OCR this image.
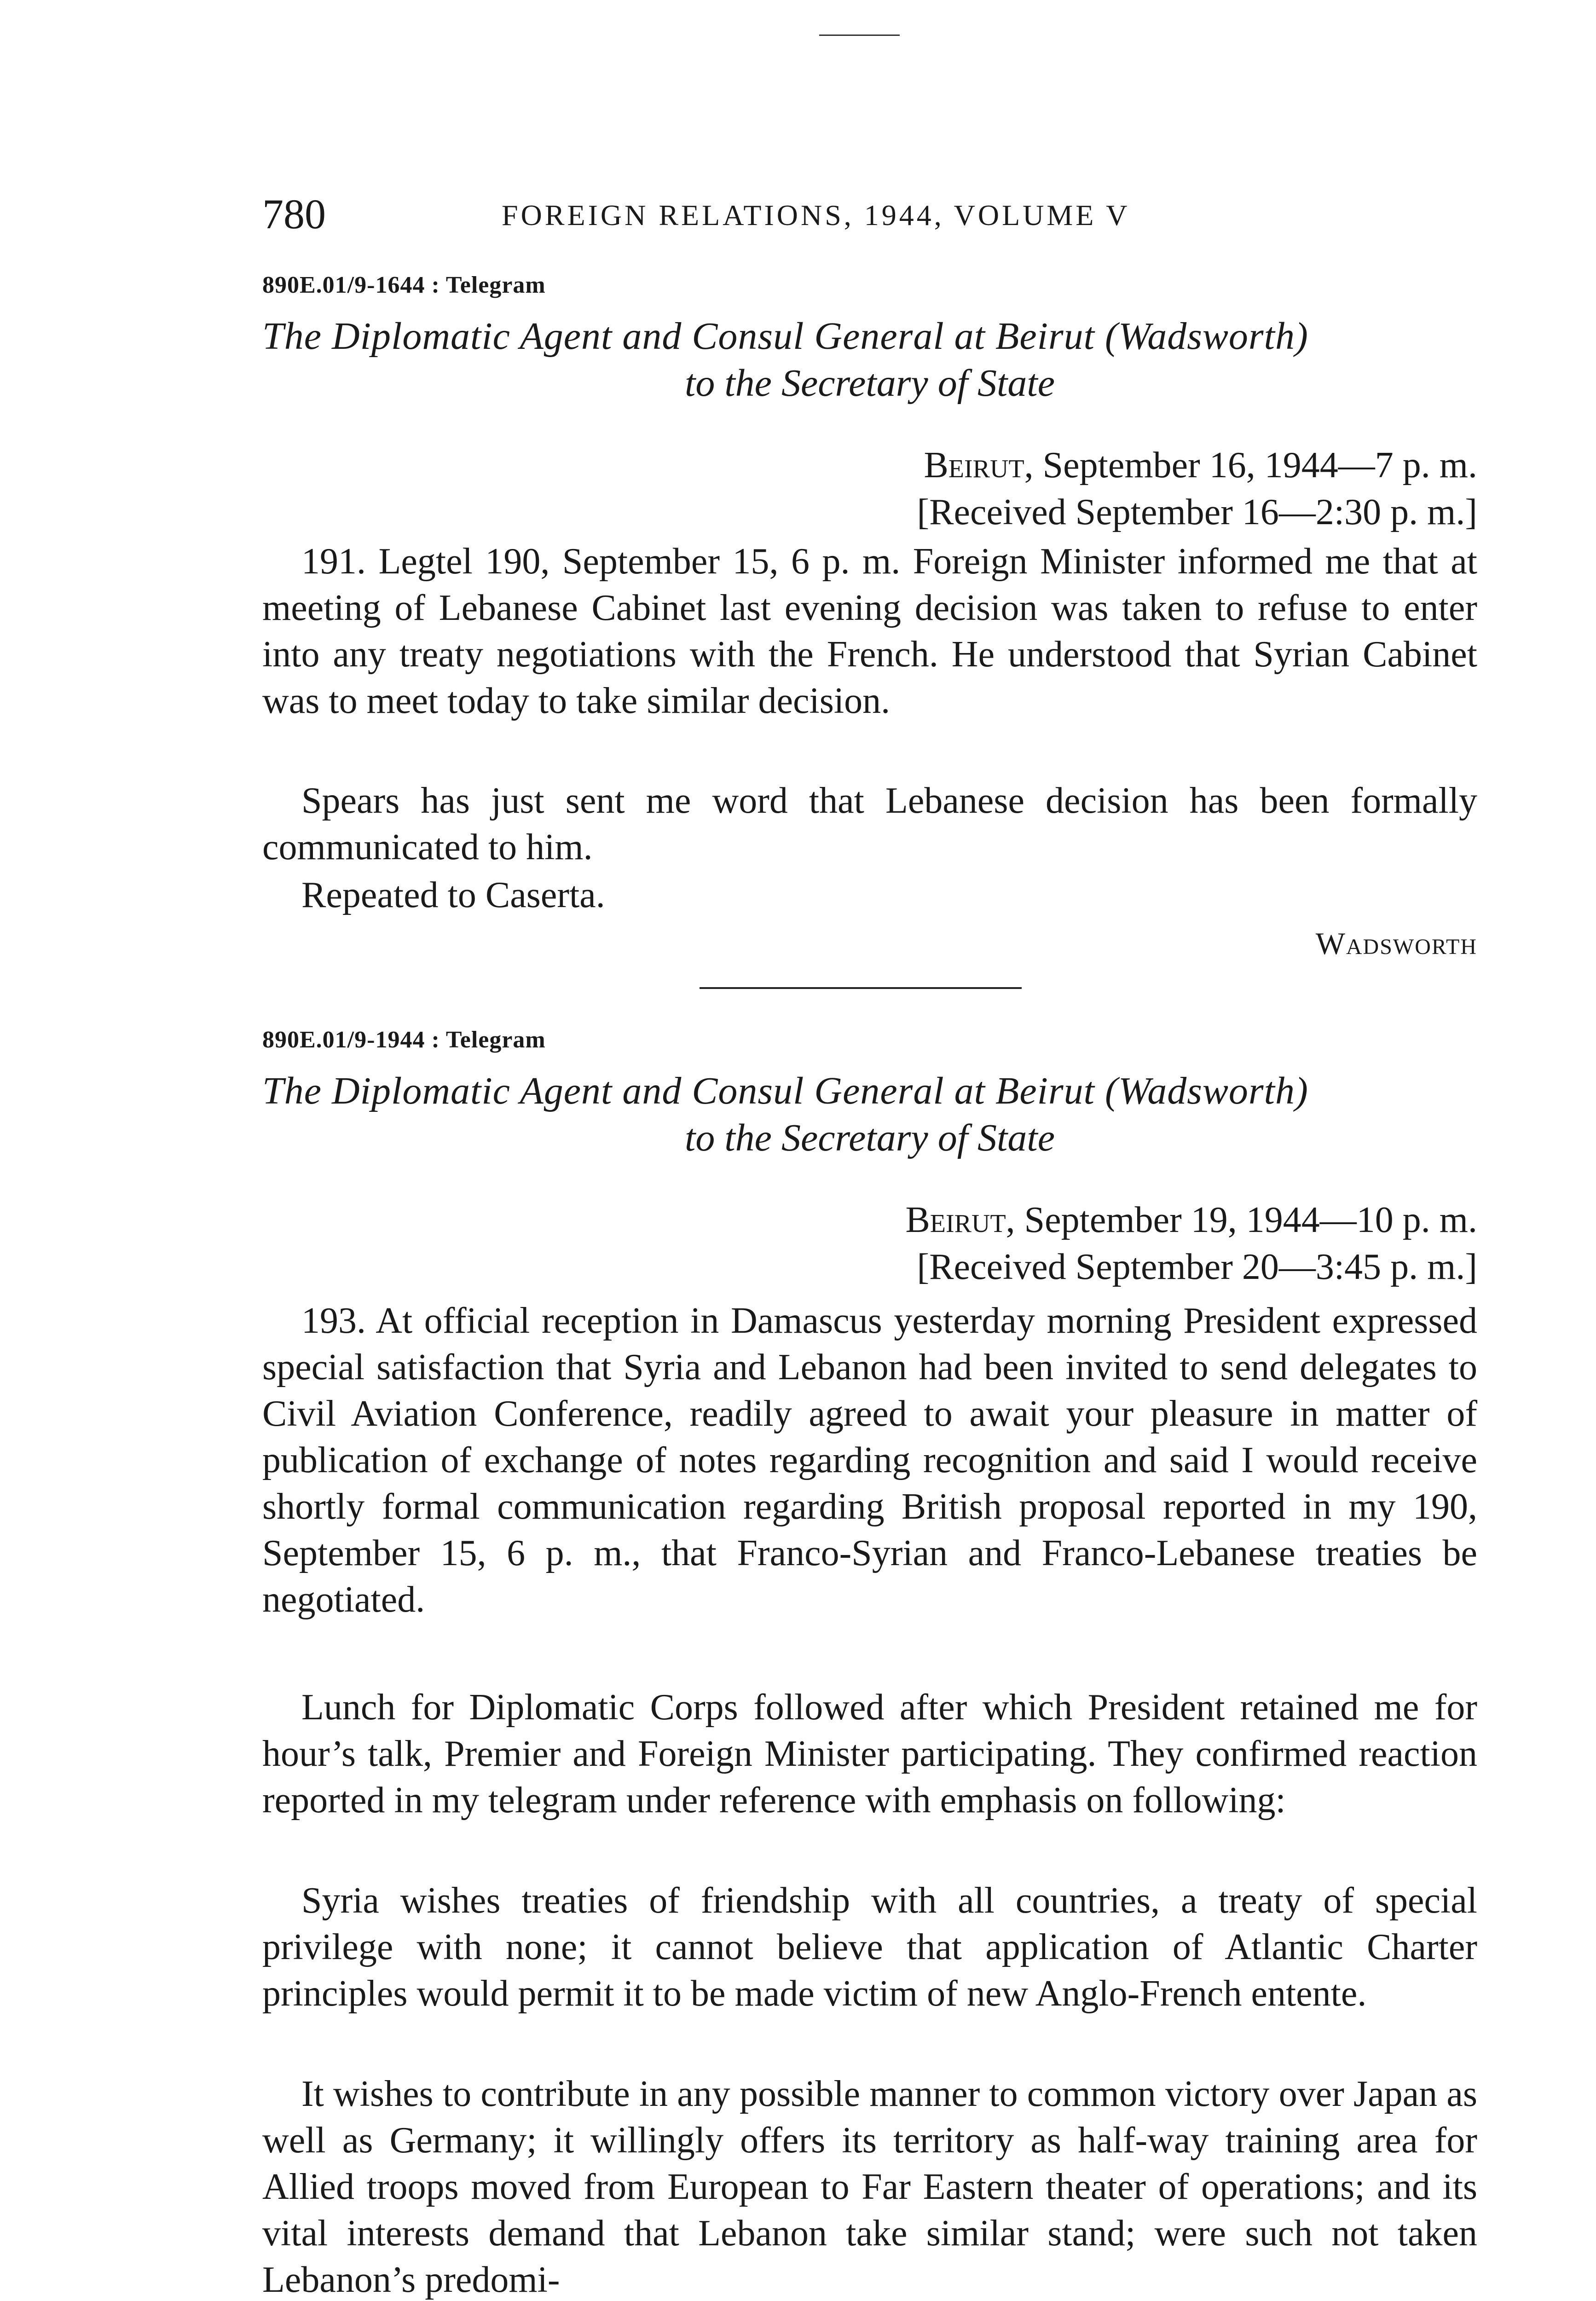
780	FOREIGN RELATIONS, 1944, VOLUME V
890E.01/9-1644 : Telegram
The Diplomatic Agent and Consul General at Beirut (Wadsworth)
to the Secretary of State
Beirut, September 16, 1944—7 p. m.
[Received September 16—2:30 p. m.]
191. Legtel 190, September 15, 6 p. m. Foreign Minister informed me that at meeting of Lebanese Cabinet last evening decision was taken to refuse to enter into any treaty negotiations with the French. He understood that Syrian Cabinet was to meet today to take similar decision.
Spears has just sent me word that Lebanese decision has been formally communicated to him.
Repeated to Caserta.
Wadsworth
890E.01/9-1944 : Telegram
The Diplomatic Agent and Consul General at Beirut (Wadsworth)
to the Secretary of State
Beirut, September 19, 1944—10 p. m.
[Received September 20—3:45 p. m.]
193. At official reception in Damascus yesterday morning President expressed special satisfaction that Syria and Lebanon had been invited to send delegates to Civil Aviation Conference, readily agreed to await your pleasure in matter of publication of exchange of notes regarding recognition and said I would receive shortly formal communication regarding British proposal reported in my 190, September 15, 6 p. m., that Franco-Syrian and Franco-Lebanese treaties be negotiated.
Lunch for Diplomatic Corps followed after which President retained me for hour’s talk, Premier and Foreign Minister participating. They confirmed reaction reported in my telegram under reference with emphasis on following:
Syria wishes treaties of friendship with all countries, a treaty of special privilege with none; it cannot believe that application of Atlantic Charter principles would permit it to be made victim of new Anglo-French entente.
It wishes to contribute in any possible manner to common victory over Japan as well as Germany; it willingly offers its territory as half-way training area for Allied troops moved from European to Far Eastern theater of operations; and its vital interests demand that Lebanon take similar stand; were such not taken Lebanon’s predomi-
